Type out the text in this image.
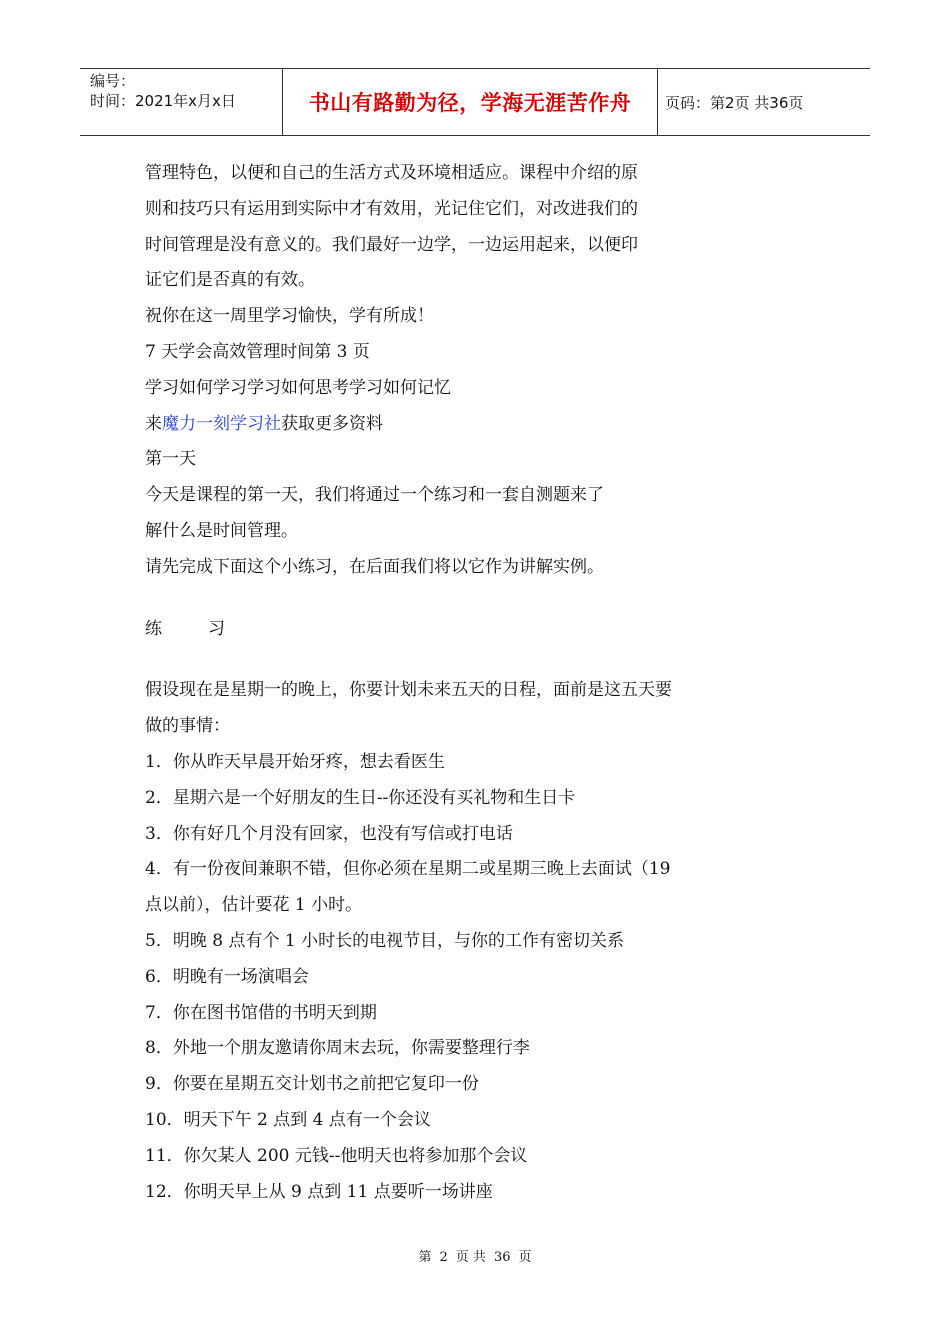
编号：
时间：2021年x月x日	书山有路勤为径，学海无涯苦作舟	页码：第2页 共36页
管理特色，以便和自己的生活方式及环境相适应。课程中介绍的原
则和技巧只有运用到实际中才有效用，光记住它们，对改进我们的
时间管理是没有意义的。我们最好一边学，一边运用起来，以便印
证它们是否真的有效。
祝你在这一周里学习愉快，学有所成！
7 天学会高效管理时间第 3 页
学习如何学习学习如何思考学习如何记忆
来魔力一刻学习社获取更多资料
第一天
今天是课程的第一天，我们将通过一个练习和一套自测题来了
解什么是时间管理。
请先完成下面这个小练习，在后面我们将以它作为讲解实例。
练	习
假设现在是星期一的晚上，你要计划未来五天的日程，面前是这五天要
做的事情：
1．你从昨天早晨开始牙疼，想去看医生
2．星期六是一个好朋友的生日--你还没有买礼物和生日卡
3．你有好几个月没有回家，也没有写信或打电话
4．有一份夜间兼职不错，但你必须在星期二或星期三晚上去面试（19
点以前），估计要花 1 小时。
5．明晚 8 点有个 1 小时长的电视节目，与你的工作有密切关系
6．明晚有一场演唱会
7．你在图书馆借的书明天到期
8．外地一个朋友邀请你周末去玩，你需要整理行李
9．你要在星期五交计划书之前把它复印一份
10．明天下午 2 点到 4 点有一个会议
11．你欠某人 200 元钱--他明天也将参加那个会议
12．你明天早上从 9 点到 11 点要听一场讲座
第 2 页 共 36 页
